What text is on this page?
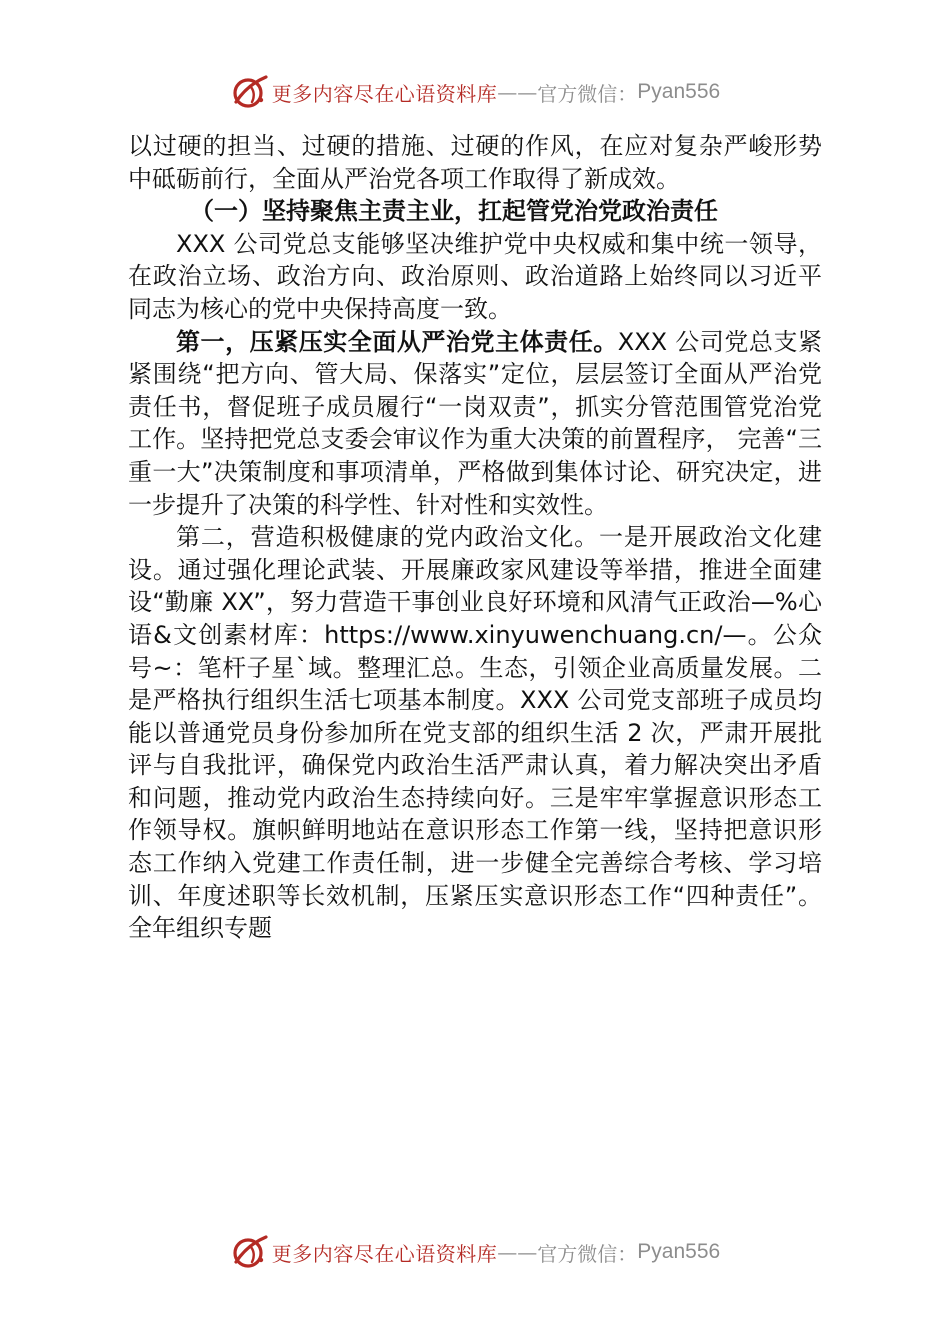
更多内容尽在心语资料库 —— 官方微信： Pyan556

以过硬的担当、过硬的措施、过硬的作风，在应对复杂严峻形势中砥砺前行，全面从严治党各项工作取得了新成效。

（一）坚持聚焦主责主业，扛起管党治党政治责任

XXX 公司党总支能够坚决维护党中央权威和集中统一领导，在政治立场、政治方向、政治原则、政治道路上始终同以习近平同志为核心的党中央保持高度一致。

第一，压紧压实全面从严治党主体责任。XXX 公司党总支紧紧围绕“把方向、管大局、保落实”定位，层层签订全面从严治党责任书，督促班子成员履行“一岗双责”，抓实分管范围管党治党工作。坚持把党总支委会审议作为重大决策的前置程序， 完善“三重一大”决策制度和事项清单，严格做到集体讨论、研究决定，进一步提升了决策的科学性、针对性和实效性。

第二，营造积极健康的党内政治文化。一是开展政治文化建设。通过强化理论武装、开展廉政家风建设等举措，推进全面建设“勤廉 XX”，努力营造干事创业良好环境和风清气正政治—%心语&文创素材库：https://www.xinyuwenchuang.cn/—。公众号~：笔杆子星`域。整理汇总。生态，引领企业高质量发展。二是严格执行组织生活七项基本制度。XXX 公司党支部班子成员均能以普通党员身份参加所在党支部的组织生活 2 次，严肃开展批评与自我批评，确保党内政治生活严肃认真，着力解决突出矛盾和问题，推动党内政治生态持续向好。三是牢牢掌握意识形态工作领导权。旗帜鲜明地站在意识形态工作第一线，坚持把意识形态工作纳入党建工作责任制，进一步健全完善综合考核、学习培训、年度述职等长效机制，压紧压实意识形态工作“四种责任”。全年组织专题

更多内容尽在心语资料库 —— 官方微信： Pyan556
